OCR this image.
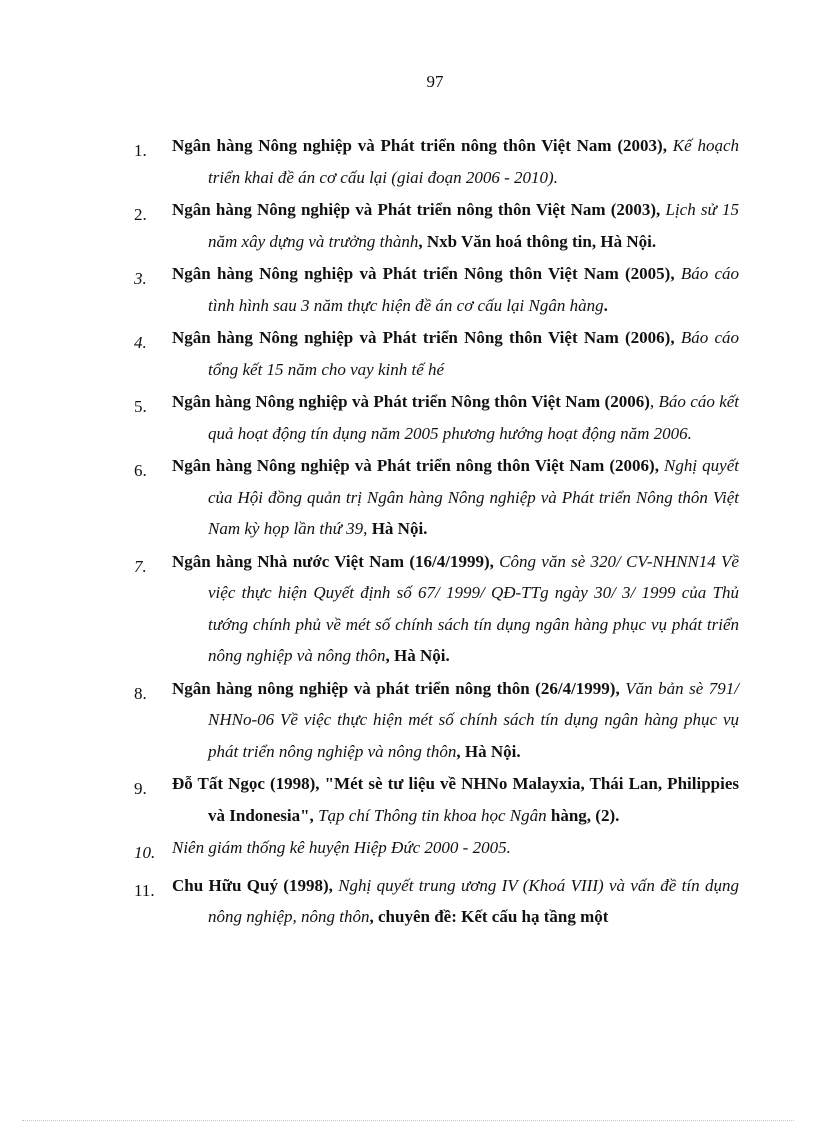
97
1.	Ngân hàng Nông nghiệp và Phát triển nông thôn Việt Nam (2003), Kế hoạch triển khai đề án cơ cấu lại (giai đoạn 2006 - 2010).
2.	Ngân hàng Nông nghiệp và Phát triển nông thôn Việt Nam (2003), Lịch sử 15 năm xây dựng và trưởng thành, Nxb Văn hoá thông tin, Hà Nội.
3.	Ngân hàng Nông nghiệp và Phát triển Nông thôn Việt Nam (2005), Báo cáo tình hình sau 3 năm thực hiện đề án cơ cấu lại Ngân hàng.
4.	Ngân hàng Nông nghiệp và Phát triển Nông thôn Việt Nam (2006), Báo cáo tổng kết 15 năm cho vay kinh tế hé
5.	Ngân hàng Nông nghiệp và Phát triển Nông thôn Việt Nam (2006), Báo cáo kết quả hoạt động tín dụng năm 2005 phương hướng hoạt động năm 2006.
6.	Ngân hàng Nông nghiệp và Phát triển nông thôn Việt Nam (2006), Nghị quyết của Hội đồng quản trị Ngân hàng Nông nghiệp và Phát triển Nông thôn Việt Nam kỳ họp lần thứ 39, Hà Nội.
7.	Ngân hàng Nhà nước Việt Nam (16/4/1999), Công văn sè 320/ CV-NHNN14 Về việc thực hiện Quyết định số 67/ 1999/ QĐ-TTg ngày 30/ 3/ 1999 của Thủ tướng chính phủ về mét số chính sách tín dụng ngân hàng phục vụ phát triển nông nghiệp và nông thôn, Hà Nội.
8.	Ngân hàng nông nghiệp và phát triển nông thôn (26/4/1999), Văn bản sè 791/ NHNo-06 Về việc thực hiện mét số chính sách tín dụng ngân hàng phục vụ phát triển nông nghiệp và nông thôn, Hà Nội.
9.	Đỗ Tất Ngọc (1998), "Mét sè tư liệu về NHNo Malayxia, Thái Lan, Philippies và Indonesia", Tạp chí Thông tin khoa học Ngân hàng, (2).
10. Niên giám thống kê huyện Hiệp Đức 2000 - 2005.
11.	Chu Hữu Quý (1998), Nghị quyết trung ương IV (Khoá VIII) và vấn đề tín dụng nông nghiệp, nông thôn, chuyên đề: Kết cấu hạ tầng một
